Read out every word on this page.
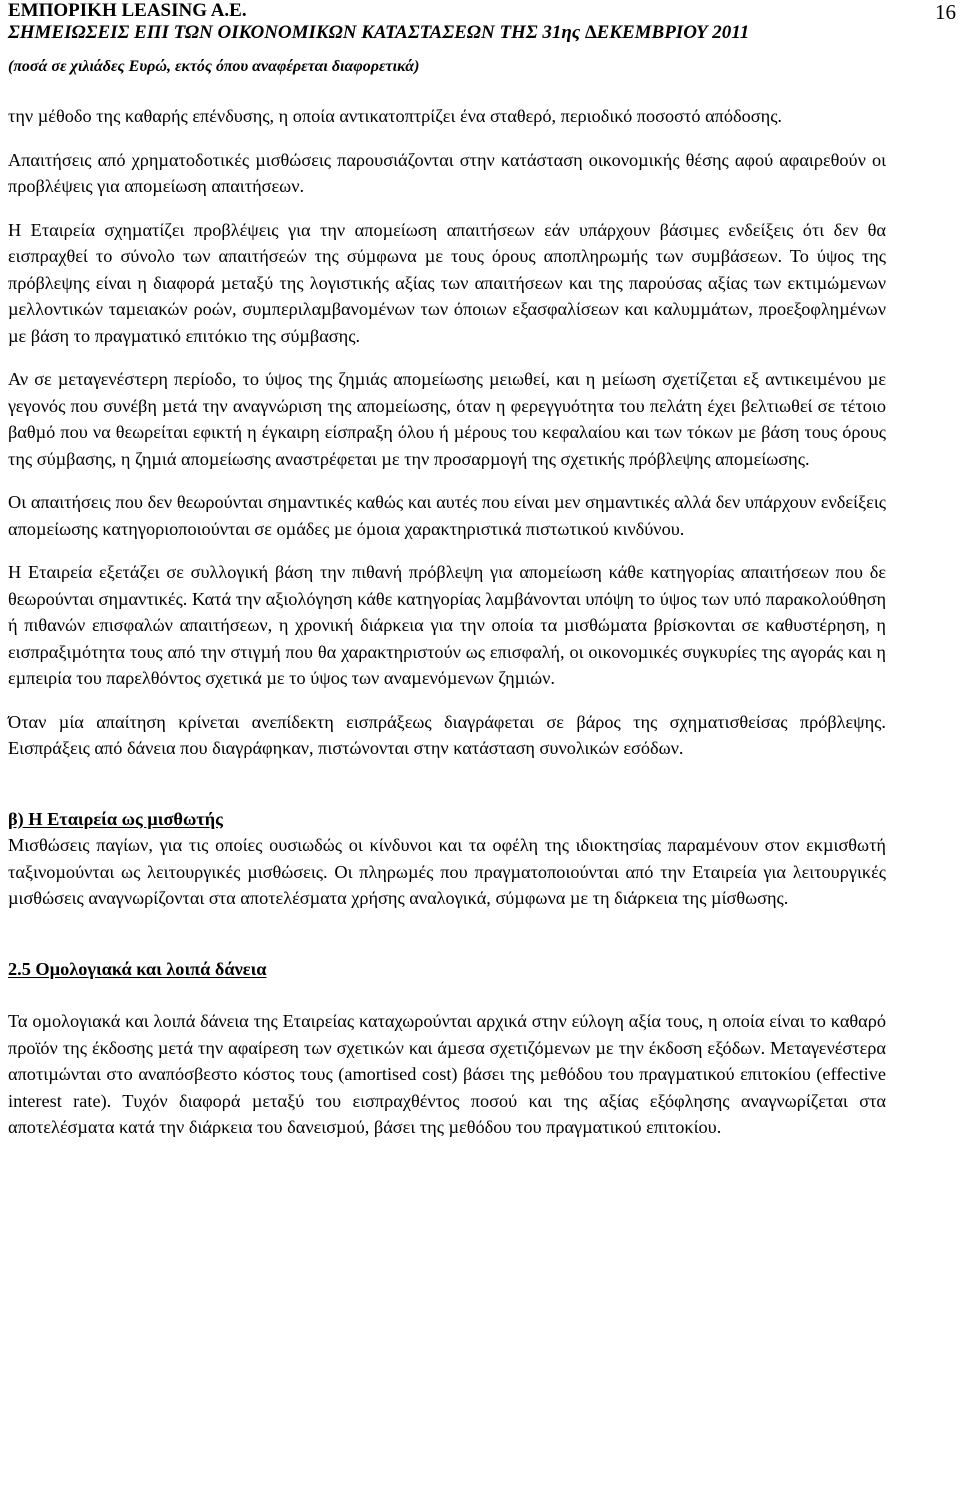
ΕΜΠΟΡΙΚΗ LEASING A.E.	16
ΣΗΜΕΙΩΣΕΙΣ ΕΠΙ ΤΩΝ ΟΙΚΟΝΟΜΙΚΩΝ ΚΑΤΑΣΤΑΣΕΩΝ ΤΗΣ 31ης ∆ΕΚΕΜΒΡΙΟΥ 2011
(ποσά σε χιλιάδες Ευρώ, εκτός όπου αναφέρεται διαφορετικά)

την µέθοδο της καθαρής επένδυσης, η οποία αντικατοπτρίζει ένα σταθερό, περιοδικό ποσοστό απόδοσης.

Απαιτήσεις από χρηµατοδοτικές µισθώσεις παρουσιάζονται στην κατάσταση οικονοµικής θέσης αφού αφαιρεθούν οι προβλέψεις για αποµείωση απαιτήσεων.

Η Εταιρεία σχηµατίζει προβλέψεις για την αποµείωση απαιτήσεων εάν υπάρχουν βάσιµες ενδείξεις ότι δεν θα εισπραχθεί το σύνολο των απαιτήσεών της σύµφωνα µε τους όρους αποπληρωµής των συµβάσεων. Το ύψος της πρόβλεψης είναι η διαφορά µεταξύ της λογιστικής αξίας των απαιτήσεων και της παρούσας αξίας των εκτιµώµενων µελλοντικών ταµειακών ροών, συµπεριλαµβανοµένων των όποιων εξασφαλίσεων και καλυµµάτων, προεξοφληµένων µε βάση το πραγµατικό επιτόκιο της σύµβασης.

Αν σε µεταγενέστερη περίοδο, το ύψος της ζηµιάς αποµείωσης µειωθεί, και η µείωση σχετίζεται εξ αντικειµένου µε γεγονός που συνέβη µετά την αναγνώριση της αποµείωσης, όταν η φερεγγυότητα του πελάτη έχει βελτιωθεί σε τέτοιο βαθµό που να θεωρείται εφικτή η έγκαιρη είσπραξη όλου ή µέρους του κεφαλαίου και των τόκων µε βάση τους όρους της σύµβασης, η ζηµιά αποµείωσης αναστρέφεται µε την προσαρµογή της σχετικής πρόβλεψης αποµείωσης.

Οι απαιτήσεις που δεν θεωρούνται σηµαντικές καθώς και αυτές που είναι µεν σηµαντικές αλλά δεν υπάρχουν ενδείξεις αποµείωσης κατηγοριοποιούνται σε οµάδες µε όµοια χαρακτηριστικά πιστωτικού κινδύνου.

Η Εταιρεία εξετάζει σε συλλογική βάση την πιθανή πρόβλεψη για αποµείωση κάθε κατηγορίας απαιτήσεων που δε θεωρούνται σηµαντικές. Κατά την αξιολόγηση κάθε κατηγορίας λαµβάνονται υπόψη το ύψος των υπό παρακολούθηση ή πιθανών επισφαλών απαιτήσεων, η χρονική διάρκεια για την οποία τα µισθώµατα βρίσκονται σε καθυστέρηση, η εισπραξιµότητα τους από την στιγµή που θα χαρακτηριστούν ως επισφαλή, οι οικονοµικές συγκυρίες της αγοράς και η εµπειρία του παρελθόντος σχετικά µε το ύψος των αναµενόµενων ζηµιών.

Όταν µία απαίτηση κρίνεται ανεπίδεκτη εισπράξεως διαγράφεται σε βάρος της σχηµατισθείσας πρόβλεψης. Εισπράξεις από δάνεια που διαγράφηκαν, πιστώνονται στην κατάσταση συνολικών εσόδων.

β) Η Εταιρεία ως µισθωτής

Μισθώσεις παγίων, για τις οποίες ουσιωδώς οι κίνδυνοι και τα οφέλη της ιδιοκτησίας παραµένουν στον εκµισθωτή ταξινοµούνται ως λειτουργικές µισθώσεις. Οι πληρωµές που πραγµατοποιούνται από την Εταιρεία για λειτουργικές µισθώσεις αναγνωρίζονται στα αποτελέσµατα χρήσης αναλογικά, σύµφωνα µε τη διάρκεια της µίσθωσης.

2.5 Οµολογιακά και λοιπά δάνεια

Τα οµολογιακά και λοιπά δάνεια της Εταιρείας καταχωρούνται αρχικά στην εύλογη αξία τους, η οποία είναι το καθαρό προϊόν της έκδοσης µετά την αφαίρεση των σχετικών και άµεσα σχετιζόµενων µε την έκδοση εξόδων. Μεταγενέστερα αποτιµώνται στο αναπόσβεστο κόστος τους (amortised cost) βάσει της µεθόδου του πραγµατικού επιτοκίου (effective interest rate). Τυχόν διαφορά µεταξύ του εισπραχθέντος ποσού και της αξίας εξόφλησης αναγνωρίζεται στα αποτελέσµατα κατά την διάρκεια του δανεισµού, βάσει της µεθόδου του πραγµατικού επιτοκίου.
